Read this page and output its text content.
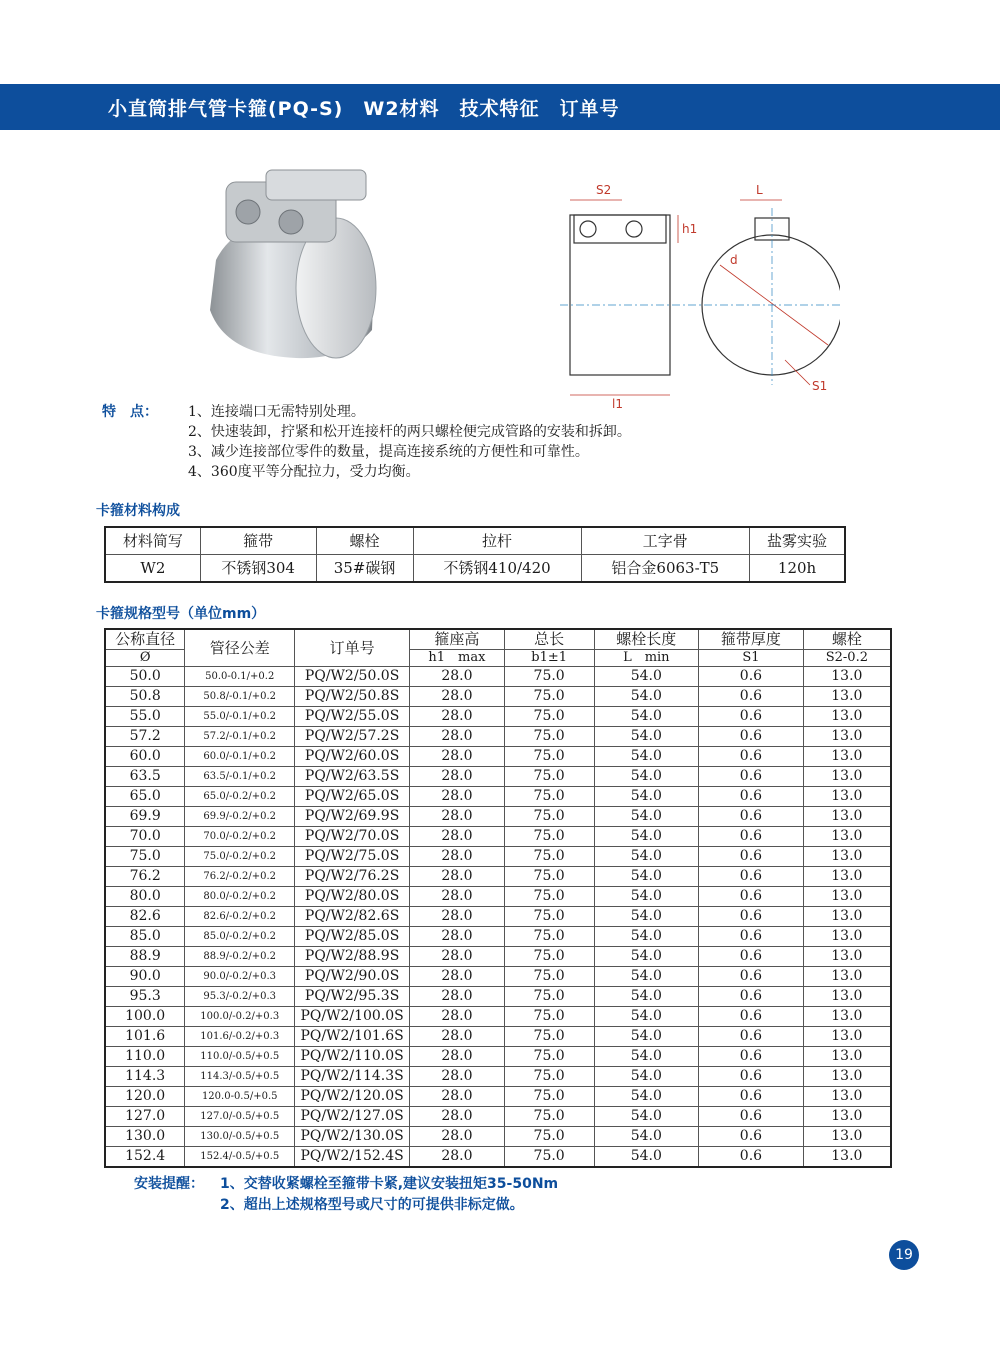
小直筒排气管卡箍(PQ-S)　W2材料　技术特征　订单号
S2
h1
L
d
l1
S1
特　点： 1、连接端口无需特别处理。
2、快速装卸，拧紧和松开连接杆的两只螺栓便完成管路的安装和拆卸。
3、减少连接部位零件的数量，提高连接系统的方便性和可靠性。
4、360度平等分配拉力，受力均衡。
卡箍材料构成
材料简写	箍带	螺栓	拉杆	工字骨	盐雾实验
W2	不锈钢304	35#碳钢	不锈钢410/420	铝合金6063-T5	120h
卡箍规格型号（单位mm）
公称直径	管径公差	订单号	箍座高	总长	螺栓长度	箍带厚度	螺栓
Ø			h1　max	b1±1	L　min	S1	S2-0.2
50.0	50.0-0.1/+0.2	PQ/W2/50.0S	28.0	75.0	54.0	0.6	13.0
50.8	50.8/-0.1/+0.2	PQ/W2/50.8S	28.0	75.0	54.0	0.6	13.0
55.0	55.0/-0.1/+0.2	PQ/W2/55.0S	28.0	75.0	54.0	0.6	13.0
57.2	57.2/-0.1/+0.2	PQ/W2/57.2S	28.0	75.0	54.0	0.6	13.0
60.0	60.0/-0.1/+0.2	PQ/W2/60.0S	28.0	75.0	54.0	0.6	13.0
63.5	63.5/-0.1/+0.2	PQ/W2/63.5S	28.0	75.0	54.0	0.6	13.0
65.0	65.0/-0.2/+0.2	PQ/W2/65.0S	28.0	75.0	54.0	0.6	13.0
69.9	69.9/-0.2/+0.2	PQ/W2/69.9S	28.0	75.0	54.0	0.6	13.0
70.0	70.0/-0.2/+0.2	PQ/W2/70.0S	28.0	75.0	54.0	0.6	13.0
75.0	75.0/-0.2/+0.2	PQ/W2/75.0S	28.0	75.0	54.0	0.6	13.0
76.2	76.2/-0.2/+0.2	PQ/W2/76.2S	28.0	75.0	54.0	0.6	13.0
80.0	80.0/-0.2/+0.2	PQ/W2/80.0S	28.0	75.0	54.0	0.6	13.0
82.6	82.6/-0.2/+0.2	PQ/W2/82.6S	28.0	75.0	54.0	0.6	13.0
85.0	85.0/-0.2/+0.2	PQ/W2/85.0S	28.0	75.0	54.0	0.6	13.0
88.9	88.9/-0.2/+0.2	PQ/W2/88.9S	28.0	75.0	54.0	0.6	13.0
90.0	90.0/-0.2/+0.3	PQ/W2/90.0S	28.0	75.0	54.0	0.6	13.0
95.3	95.3/-0.2/+0.3	PQ/W2/95.3S	28.0	75.0	54.0	0.6	13.0
100.0	100.0/-0.2/+0.3	PQ/W2/100.0S	28.0	75.0	54.0	0.6	13.0
101.6	101.6/-0.2/+0.3	PQ/W2/101.6S	28.0	75.0	54.0	0.6	13.0
110.0	110.0/-0.5/+0.5	PQ/W2/110.0S	28.0	75.0	54.0	0.6	13.0
114.3	114.3/-0.5/+0.5	PQ/W2/114.3S	28.0	75.0	54.0	0.6	13.0
120.0	120.0-0.5/+0.5	PQ/W2/120.0S	28.0	75.0	54.0	0.6	13.0
127.0	127.0/-0.5/+0.5	PQ/W2/127.0S	28.0	75.0	54.0	0.6	13.0
130.0	130.0/-0.5/+0.5	PQ/W2/130.0S	28.0	75.0	54.0	0.6	13.0
152.4	152.4/-0.5/+0.5	PQ/W2/152.4S	28.0	75.0	54.0	0.6	13.0
安装提醒：	1、交替收紧螺栓至箍带卡紧,建议安装扭矩35-50Nm
2、超出上述规格型号或尺寸的可提供非标定做。
19
